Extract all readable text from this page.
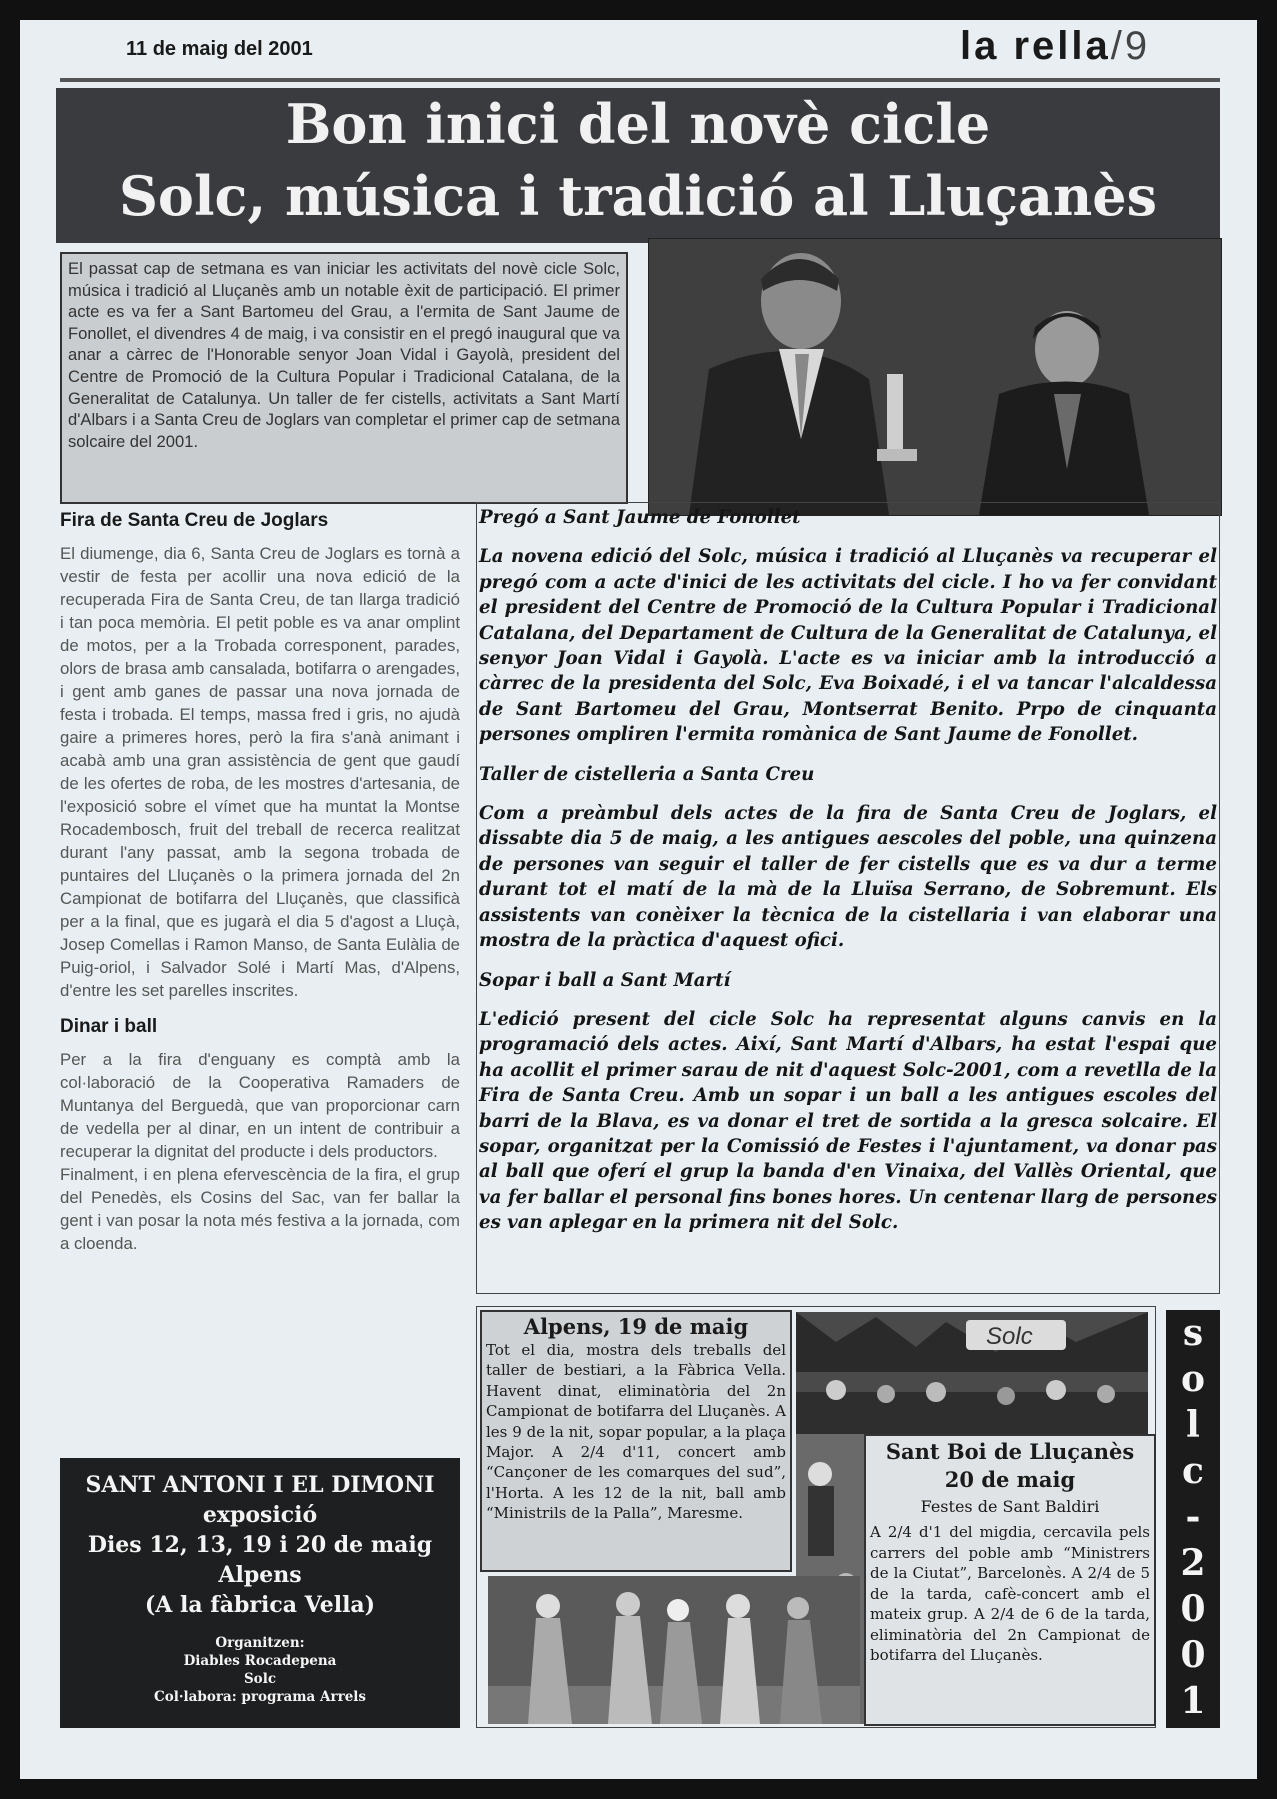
11 de maig del 2001	la rella/9
Bon inici del novè cicle
Solc, música i tradició al Lluçanès
El passat cap de setmana es van iniciar les activitats del novè cicle Solc, música i tradició al Lluçanès amb un notable èxit de participació. El primer acte es va fer a Sant Bartomeu del Grau, a l'ermita de Sant Jaume de Fonollet, el divendres 4 de maig, i va consistir en el pregó inaugural que va anar a càrrec de l'Honorable senyor Joan Vidal i Gayolà, president del Centre de Promoció de la Cultura Popular i Tradicional Catalana, de la Generalitat de Catalunya. Un taller de fer cistells, activitats a Sant Martí d'Albars i a Santa Creu de Joglars van completar el primer cap de setmana solcaire del 2001.
Fira de Santa Creu de Joglars

El diumenge, dia 6, Santa Creu de Joglars es tornà a vestir de festa per acollir una nova edició de la recuperada Fira de Santa Creu, de tan llarga tradició i tan poca memòria. El petit poble es va anar omplint de motos, per a la Trobada corresponent, parades, olors de brasa amb cansalada, botifarra o arengades, i gent amb ganes de passar una nova jornada de festa i trobada. El temps, massa fred i gris, no ajudà gaire a primeres hores, però la fira s'anà animant i acabà amb una gran assistència de gent que gaudí de les ofertes de roba, de les mostres d'artesania, de l'exposició sobre el vímet que ha muntat la Montse Rocadembosch, fruit del treball de recerca realitzat durant l'any passat, amb la segona trobada de puntaires del Lluçanès o la primera jornada del 2n Campionat de botifarra del Lluçanès, que classificà per a la final, que es jugarà el dia 5 d'agost a Lluçà, Josep Comellas i Ramon Manso, de Santa Eulàlia de Puig-oriol, i Salvador Solé i Martí Mas, d'Alpens, d'entre les set parelles inscrites.

Dinar i ball

Per a la fira d'enguany es comptà amb la col·laboració de la Cooperativa Ramaders de Muntanya del Berguedà, que van proporcionar carn de vedella per al dinar, en un intent de contribuir a recuperar la dignitat del producte i dels productors.

Finalment, i en plena efervescència de la fira, el grup del Penedès, els Cosins del Sac, van fer ballar la gent i van posar la nota més festiva a la jornada, com a cloenda.

Pregó a Sant Jaume de Fonollet

La novena edició del Solc, música i tradició al Lluçanès va recuperar el pregó com a acte d'inici de les activitats del cicle. I ho va fer convidant el president del Centre de Promoció de la Cultura Popular i Tradicional Catalana, del Departament de Cultura de la Generalitat de Catalunya, el senyor Joan Vidal i Gayolà. L'acte es va iniciar amb la introducció a càrrec de la presidenta del Solc, Eva Boixadé, i el va tancar l'alcaldessa de Sant Bartomeu del Grau, Montserrat Benito. Prpo de cinquanta persones ompliren l'ermita romànica de Sant Jaume de Fonollet.

Taller de cistelleria a Santa Creu

Com a preàmbul dels actes de la fira de Santa Creu de Joglars, el dissabte dia 5 de maig, a les antigues aescoles del poble, una quinzena de persones van seguir el taller de fer cistells que es va dur a terme durant tot el matí de la mà de la Lluïsa Serrano, de Sobremunt. Els assistents van conèixer la tècnica de la cistellaria i van elaborar una mostra de la pràctica d'aquest ofici.

Sopar i ball a Sant Martí

L'edició present del cicle Solc ha representat alguns canvis en la programació dels actes. Així, Sant Martí d'Albars, ha estat l'espai que ha acollit el primer sarau de nit d'aquest Solc-2001, com a revetlla de la Fira de Santa Creu. Amb un sopar i un ball a les antigues escoles del barri de la Blava, es va donar el tret de sortida a la gresca solcaire. El sopar, organitzat per la Comissió de Festes i l'ajuntament, va donar pas al ball que oferí el grup la banda d'en Vinaixa, del Vallès Oriental, que va fer ballar el personal fins bones hores. Un centenar llarg de persones es van aplegar en la primera nit del Solc.

SANT ANTONI I EL DIMONI
exposició
Dies 12, 13, 19 i 20 de maig
Alpens
(A la fàbrica Vella)
Organitzen:
Diables Rocadepena
Solc
Col·labora: programa Arrels
Solc
Alpens, 19 de maig
Tot el dia, mostra dels treballs del taller de bestiari, a la Fàbrica Vella. Havent dinat, eliminatòria del 2n Campionat de botifarra del Lluçanès. A les 9 de la nit, sopar popular, a la plaça Major. A 2/4 d'11, concert amb “Cançoner de les comarques del sud”, l'Horta. A les 12 de la nit, ball amb “Ministrils de la Palla”, Maresme.
Sant Boi de Lluçanès
20 de maig
Festes de Sant Baldiri
A 2/4 d'1 del migdia, cercavila pels carrers del poble amb “Ministrers de la Ciutat”, Barcelonès. A 2/4 de 5 de la tarda, cafè-concert amb el mateix grup. A 2/4 de 6 de la tarda, eliminatòria del 2n Campionat de botifarra del Lluçanès.
s
o
l
c
-
2
0
0
1
